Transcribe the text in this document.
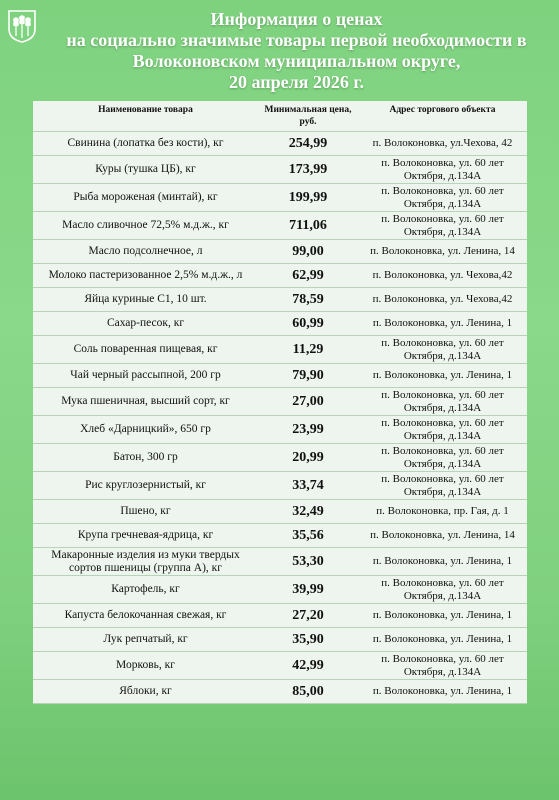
Информация о ценах
на социально значимые товары первой необходимости в
Волоконовском муниципальном округе,
20 апреля 2026 г.
Наименование товара	Минимальная цена, руб.	Адрес торгового объекта
Свинина (лопатка без кости), кг	254,99	п. Волоконовка, ул.Чехова, 42
Куры (тушка ЦБ), кг	173,99	п. Волоконовка, ул. 60 лет Октября, д.134А
Рыба мороженая (минтай), кг	199,99	п. Волоконовка, ул. 60 лет Октября, д.134А
Масло сливочное 72,5% м.д.ж., кг	711,06	п. Волоконовка, ул. 60 лет Октября, д.134А
Масло подсолнечное, л	99,00	п. Волоконовка, ул. Ленина, 14
Молоко пастеризованное 2,5% м.д.ж., л	62,99	п. Волоконовка, ул. Чехова,42
Яйца куриные С1, 10 шт.	78,59	п. Волоконовка, ул. Чехова,42
Сахар-песок, кг	60,99	п. Волоконовка, ул. Ленина, 1
Соль поваренная пищевая, кг	11,29	п. Волоконовка, ул. 60 лет Октября, д.134А
Чай черный рассыпной, 200 гр	79,90	п. Волоконовка, ул. Ленина, 1
Мука пшеничная, высший сорт, кг	27,00	п. Волоконовка, ул. 60 лет Октября, д.134А
Хлеб «Дарницкий», 650 гр	23,99	п. Волоконовка, ул. 60 лет Октября, д.134А
Батон, 300 гр	20,99	п. Волоконовка, ул. 60 лет Октября, д.134А
Рис круглозернистый, кг	33,74	п. Волоконовка, ул. 60 лет Октября, д.134А
Пшено, кг	32,49	п. Волоконовка, пр. Гая, д. 1
Крупа гречневая-ядрица, кг	35,56	п. Волоконовка, ул. Ленина, 14
Макаронные изделия из муки твердых сортов пшеницы (группа А), кг	53,30	п. Волоконовка, ул. Ленина, 1
Картофель, кг	39,99	п. Волоконовка, ул. 60 лет Октября, д.134А
Капуста белокочанная свежая, кг	27,20	п. Волоконовка, ул. Ленина, 1
Лук репчатый, кг	35,90	п. Волоконовка, ул. Ленина, 1
Морковь, кг	42,99	п. Волоконовка, ул. 60 лет Октября, д.134А
Яблоки, кг	85,00	п. Волоконовка, ул. Ленина, 1
